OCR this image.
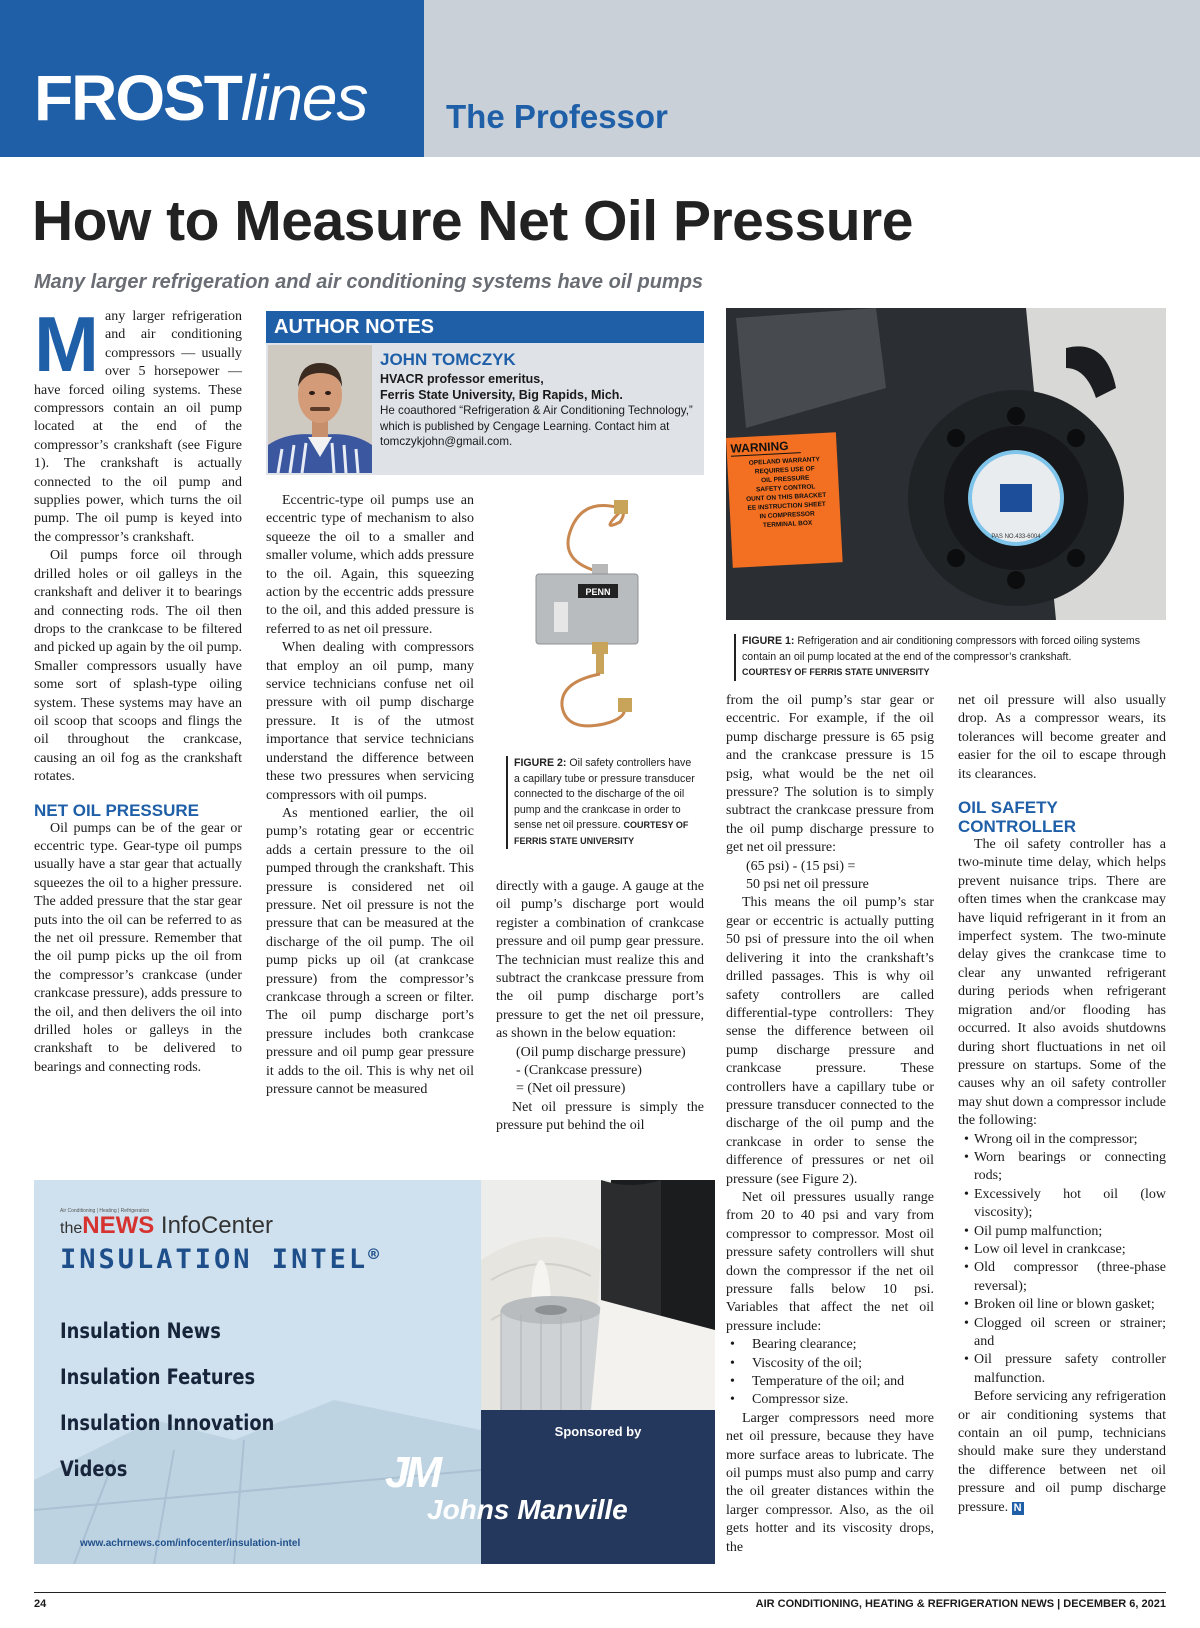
FROSTlines The Professor
How to Measure Net Oil Pressure
Many larger refrigeration and air conditioning systems have oil pumps

Many larger refrigeration and air conditioning compressors — usually over 5 horsepower — have forced oiling systems. These compressors contain an oil pump located at the end of the compressor’s crankshaft (see Figure 1). The crankshaft is actually connected to the oil pump and supplies power, which turns the oil pump. The oil pump is keyed into the compressor’s crankshaft.

Oil pumps force oil through drilled holes or oil galleys in the crankshaft and deliver it to bearings and connecting rods. The oil then drops to the crankcase to be filtered and picked up again by the oil pump. Smaller compressors usually have some sort of splash-type oiling system. These systems may have an oil scoop that scoops and flings the oil throughout the crankcase, causing an oil fog as the crankshaft rotates.

NET OIL PRESSURE

Oil pumps can be of the gear or eccentric type. Gear-type oil pumps usually have a star gear that actually squeezes the oil to a higher pressure. The added pressure that the star gear puts into the oil can be referred to as the net oil pressure. Remember that the oil pump picks up the oil from the compressor’s crankcase (under crankcase pressure), adds pressure to the oil, and then delivers the oil into drilled holes or galleys in the crankshaft to be delivered to bearings and connecting rods.

AUTHOR NOTES
JOHN TOMCZYK
HVACR professor emeritus,
Ferris State University, Big Rapids, Mich.
He coauthored “Refrigeration & Air Conditioning Technology,” which is published by Cengage Learning. Contact him at tomczykjohn@gmail.com.

Eccentric-type oil pumps use an eccentric type of mechanism to also squeeze the oil to a smaller and smaller volume, which adds pressure to the oil. Again, this squeezing action by the eccentric adds pressure to the oil, and this added pressure is referred to as net oil pressure.

When dealing with compressors that employ an oil pump, many service technicians confuse net oil pressure with oil pump discharge pressure. It is of the utmost importance that service technicians understand the difference between these two pressures when servicing compressors with oil pumps.

As mentioned earlier, the oil pump’s rotating gear or eccentric adds a certain pressure to the oil pumped through the crankshaft. This pressure is considered net oil pressure. Net oil pressure is not the pressure that can be measured at the discharge of the oil pump. The oil pump picks up oil (at crankcase pressure) from the compressor’s crankcase through a screen or filter. The oil pump discharge port’s pressure includes both crankcase pressure and oil pump gear pressure it adds to the oil. This is why net oil pressure cannot be measured

PENN
FIGURE 2: Oil safety controllers have a capillary tube or pressure transducer connected to the discharge of the oil pump and the crankcase in order to sense net oil pressure. COURTESY OF FERRIS STATE UNIVERSITY

directly with a gauge. A gauge at the oil pump’s discharge port would register a combination of crankcase pressure and oil pump gear pressure. The technician must realize this and subtract the crankcase pressure from the oil pump discharge port’s pressure to get the net oil pressure, as shown in the below equation:

(Oil pump discharge pressure)
- (Crankcase pressure)
= (Net oil pressure)

Net oil pressure is simply the pressure put behind the oil

PAS NO.433-6004
WARNING
OPELAND WARRANTY
REQUIRES USE OF
OIL PRESSURE
SAFETY CONTROL
OUNT ON THIS BRACKET
EE INSTRUCTION SHEET
IN COMPRESSOR
TERMINAL BOX
FIGURE 1: Refrigeration and air conditioning compressors with forced oiling systems contain an oil pump located at the end of the compressor’s crankshaft.
COURTESY OF FERRIS STATE UNIVERSITY

from the oil pump’s star gear or eccentric. For example, if the oil pump discharge pressure is 65 psig and the crankcase pressure is 15 psig, what would be the net oil pressure? The solution is to simply subtract the crankcase pressure from the oil pump discharge pressure to get net oil pressure:

(65 psi) - (15 psi) =
50 psi net oil pressure

This means the oil pump’s star gear or eccentric is actually putting 50 psi of pressure into the oil when delivering it into the crankshaft’s drilled passages. This is why oil safety controllers are called differential-type controllers: They sense the difference between oil pump discharge pressure and crankcase pressure. These controllers have a capillary tube or pressure transducer connected to the discharge of the oil pump and the crankcase in order to sense the difference of pressures or net oil pressure (see Figure 2).

Net oil pressures usually range from 20 to 40 psi and vary from compressor to compressor. Most oil pressure safety controllers will shut down the compressor if the net oil pressure falls below 10 psi. Variables that affect the net oil pressure include:

• Bearing clearance;
• Viscosity of the oil;
• Temperature of the oil; and
• Compressor size.

Larger compressors need more net oil pressure, because they have more surface areas to lubricate. The oil pumps must also pump and carry the oil greater distances within the larger compressor. Also, as the oil gets hotter and its viscosity drops, the

net oil pressure will also usually drop. As a compressor wears, its tolerances will become greater and easier for the oil to escape through its clearances.

OIL SAFETY CONTROLLER

The oil safety controller has a two-minute time delay, which helps prevent nuisance trips. There are often times when the crankcase may have liquid refrigerant in it from an imperfect system. The two-minute delay gives the crankcase time to clear any unwanted refrigerant during periods when refrigerant migration and/or flooding has occurred. It also avoids shutdowns during short fluctuations in net oil pressure on startups. Some of the causes why an oil safety controller may shut down a compressor include the following:

• Wrong oil in the compressor;
• Worn bearings or connecting rods;
• Excessively hot oil (low viscosity);
• Oil pump malfunction;
• Low oil level in crankcase;
• Old compressor (three-phase reversal);
• Broken oil line or blown gasket;
• Clogged oil screen or strainer; and
• Oil pressure safety controller malfunction.

Before servicing any refrigeration or air conditioning systems that contain an oil pump, technicians should make sure they understand the difference between net oil pressure and oil pump discharge pressure. N

Air Conditioning | Heating | Refrigeration
theNEWS InfoCenter
INSULATION INTEL®
Insulation News
Insulation Features
Insulation Innovation
Videos
www.achrnews.com/infocenter/insulation-intel
Sponsored by
JM
Johns Manville
24	AIR CONDITIONING, HEATING & REFRIGERATION NEWS | DECEMBER 6, 2021
